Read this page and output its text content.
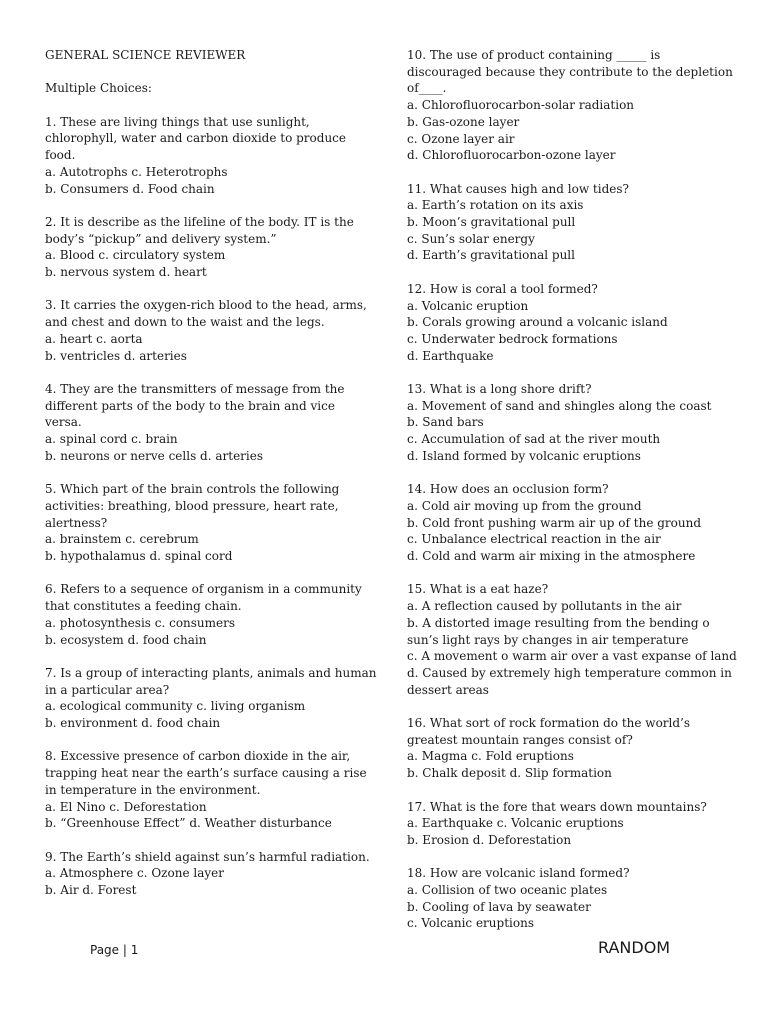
GENERAL SCIENCE REVIEWER
Multiple Choices:
1. These are living things that use sunlight,
chlorophyll, water and carbon dioxide to produce
food.
a. Autotrophs c. Heterotrophs
b. Consumers d. Food chain
2. It is describe as the lifeline of the body. IT is the
body’s “pickup” and delivery system.”
a. Blood c. circulatory system
b. nervous system d. heart
3. It carries the oxygen-rich blood to the head, arms,
and chest and down to the waist and the legs.
a. heart c. aorta
b. ventricles d. arteries
4. They are the transmitters of message from the
different parts of the body to the brain and vice
versa.
a. spinal cord c. brain
b. neurons or nerve cells d. arteries
5. Which part of the brain controls the following
activities: breathing, blood pressure, heart rate,
alertness?
a. brainstem c. cerebrum
b. hypothalamus d. spinal cord
6. Refers to a sequence of organism in a community
that constitutes a feeding chain.
a. photosynthesis c. consumers
b. ecosystem d. food chain
7. Is a group of interacting plants, animals and human
in a particular area?
a. ecological community c. living organism
b. environment d. food chain
8. Excessive presence of carbon dioxide in the air,
trapping heat near the earth’s surface causing a rise
in temperature in the environment.
a. El Nino c. Deforestation
b. “Greenhouse Effect” d. Weather disturbance
9. The Earth’s shield against sun’s harmful radiation.
a. Atmosphere c. Ozone layer
b. Air d. Forest
10. The use of product containing _____ is
discouraged because they contribute to the depletion
of____.
a. Chlorofluorocarbon-solar radiation
b. Gas-ozone layer
c. Ozone layer air
d. Chlorofluorocarbon-ozone layer
11. What causes high and low tides?
a. Earth’s rotation on its axis
b. Moon’s gravitational pull
c. Sun’s solar energy
d. Earth’s gravitational pull
12. How is coral a tool formed?
a. Volcanic eruption
b. Corals growing around a volcanic island
c. Underwater bedrock formations
d. Earthquake
13. What is a long shore drift?
a. Movement of sand and shingles along the coast
b. Sand bars
c. Accumulation of sad at the river mouth
d. Island formed by volcanic eruptions
14. How does an occlusion form?
a. Cold air moving up from the ground
b. Cold front pushing warm air up of the ground
c. Unbalance electrical reaction in the air
d. Cold and warm air mixing in the atmosphere
15. What is a eat haze?
a. A reflection caused by pollutants in the air
b. A distorted image resulting from the bending o
sun’s light rays by changes in air temperature
c. A movement o warm air over a vast expanse of land
d. Caused by extremely high temperature common in
dessert areas
16. What sort of rock formation do the world’s
greatest mountain ranges consist of?
a. Magma c. Fold eruptions
b. Chalk deposit d. Slip formation
17. What is the fore that wears down mountains?
a. Earthquake c. Volcanic eruptions
b. Erosion d. Deforestation
18. How are volcanic island formed?
a. Collision of two oceanic plates
b. Cooling of lava by seawater
c. Volcanic eruptions
Page | 1	RANDOM
